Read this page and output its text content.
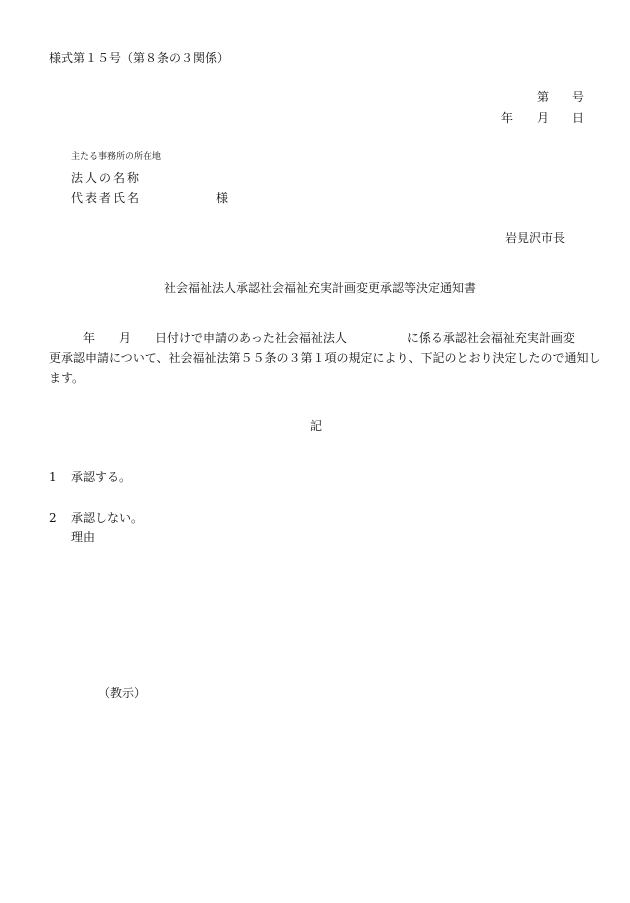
様式第１５号（第８条の３関係）
第 号
年 月 日
主たる事務所の所在地
法人の名称
代表者氏名	様
岩見沢市長
社会福祉法人承認社会福祉充実計画変更承認等決定通知書
年 月 日付けで申請のあった社会福祉法人	に係る承認社会福祉充実計画変
更承認申請について、社会福祉法第５５条の３第１項の規定により、下記のとおり決定したので通知し
ます。
記
1 承認する。
2 承認しない。
理由
（教示）
